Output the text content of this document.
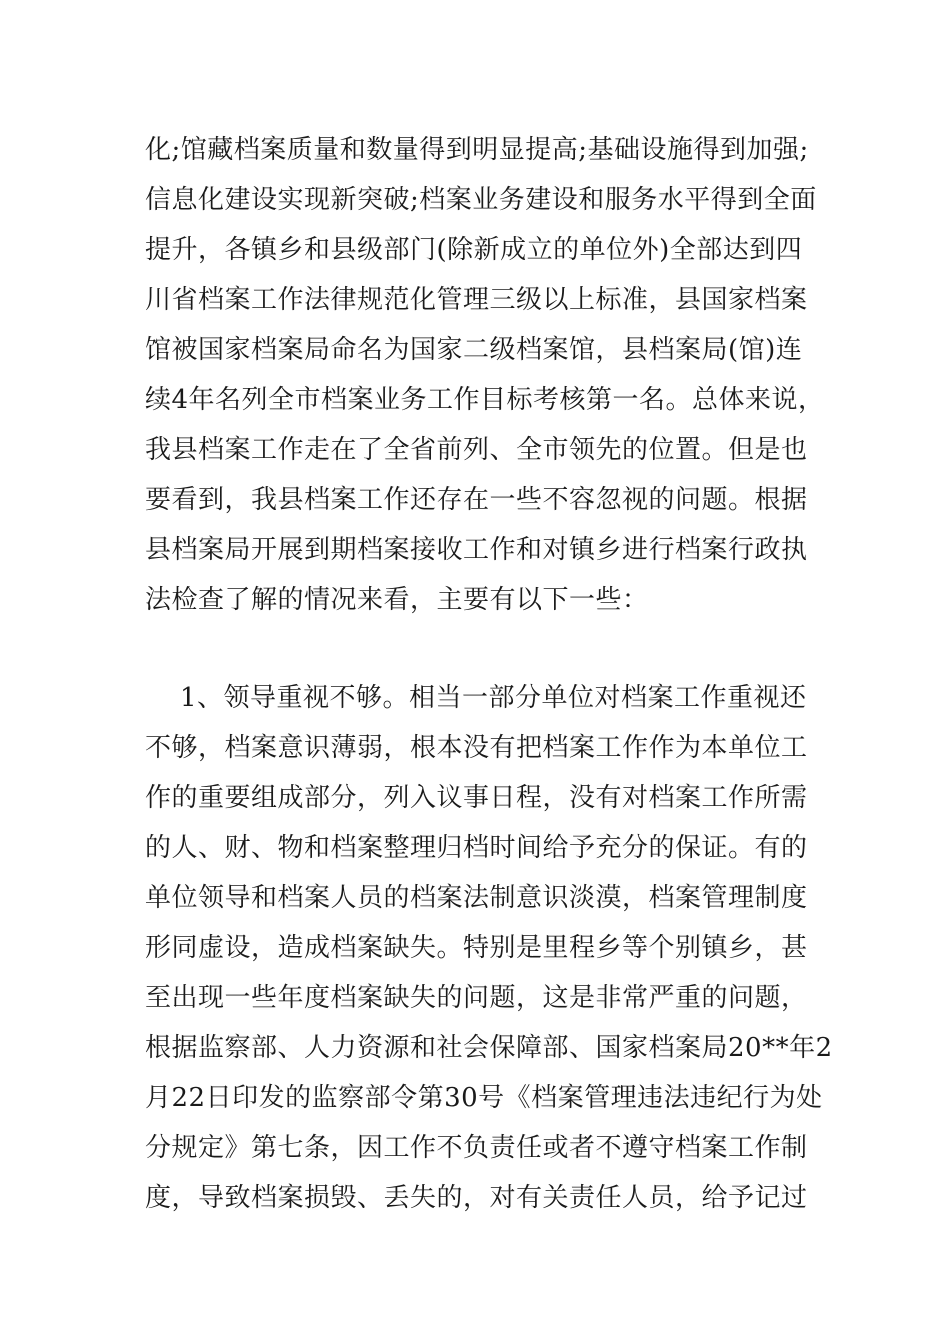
化;馆藏档案质量和数量得到明显提高;基础设施得到加强;
信息化建设实现新突破;档案业务建设和服务水平得到全面
提升，各镇乡和县级部门(除新成立的单位外)全部达到四
川省档案工作法律规范化管理三级以上标准，县国家档案
馆被国家档案局命名为国家二级档案馆，县档案局(馆)连
续4年名列全市档案业务工作目标考核第一名。总体来说，
我县档案工作走在了全省前列、全市领先的位置。但是也
要看到，我县档案工作还存在一些不容忽视的问题。根据
县档案局开展到期档案接收工作和对镇乡进行档案行政执
法检查了解的情况来看，主要有以下一些：
1、领导重视不够。相当一部分单位对档案工作重视还
不够，档案意识薄弱，根本没有把档案工作作为本单位工
作的重要组成部分，列入议事日程，没有对档案工作所需
的人、财、物和档案整理归档时间给予充分的保证。有的
单位领导和档案人员的档案法制意识淡漠，档案管理制度
形同虚设，造成档案缺失。特别是里程乡等个别镇乡，甚
至出现一些年度档案缺失的问题，这是非常严重的问题，
根据监察部、人力资源和社会保障部、国家档案局20**年2
月22日印发的监察部令第30号《档案管理违法违纪行为处
分规定》第七条，因工作不负责任或者不遵守档案工作制
度，导致档案损毁、丢失的，对有关责任人员，给予记过
